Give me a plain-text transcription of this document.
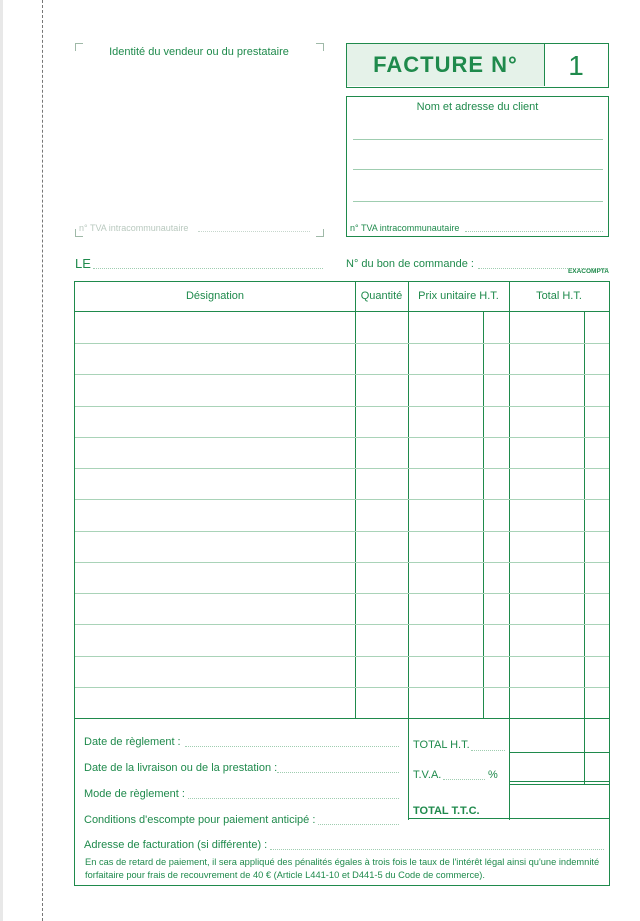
Identité du vendeur ou du prestataire
n° TVA intracommunautaire
FACTURE N°	1
Nom et adresse du client
n° TVA intracommunautaire
LE	N° du bon de commande :
EXACOMPTA
Désignation	Quantité	Prix unitaire H.T.	Total H.T.
Date de règlement :
Date de la livraison ou de la prestation :
Mode de règlement :
Conditions d'escompte pour paiement anticipé :
TOTAL H.T.
T.V.A.	%
TOTAL T.T.C.
Adresse de facturation (si différente) :
En cas de retard de paiement, il sera appliqué des pénalités égales à trois fois le taux de l'intérêt légal ainsi qu'une indemnité forfaitaire pour frais de recouvrement de 40 € (Article L441-10 et D441-5 du Code de commerce).
